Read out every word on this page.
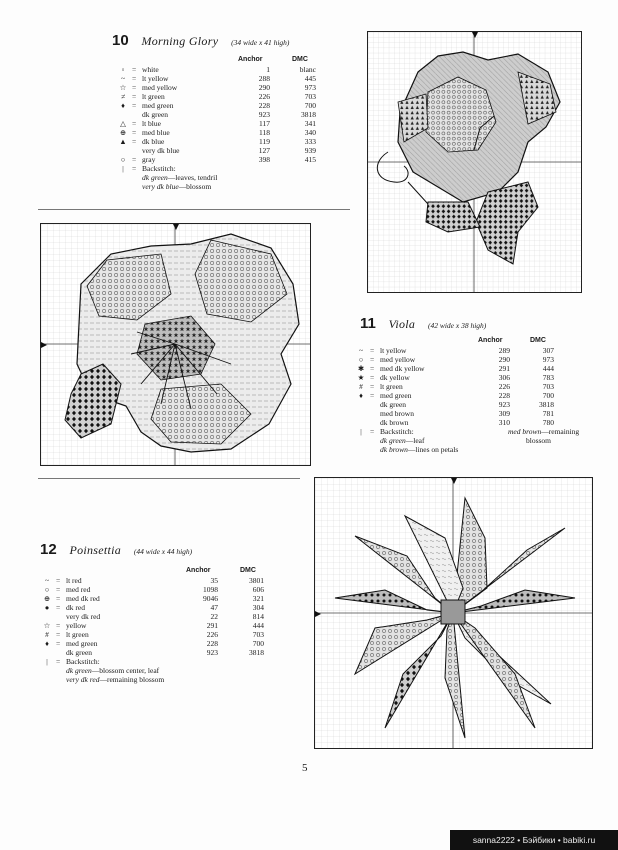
10 Morning Glory (34 wide x 41 high)
Anchor	DMC
▫	= white	1	blanc
~ = lt yellow	288	445
☆ = med yellow	290	973
≠ = lt green	226	703
♦ = med green	228	700
dk green	923	3818
△ = lt blue	117	341
⊕ = med blue	118	340
▲ = dk blue	119	333
very dk blue	127	939
○ = gray	398	415
|	= Backstitch:
dk green—leaves, tendril
very dk blue—blossom
11 Viola (42 wide x 38 high)
Anchor	DMC
~ = lt yellow	289	307
○ = med yellow	290	973
✱ = med dk yellow	291	444
★ = dk yellow	306	783
# = lt green	226	703
♦ = med green	228	700
dk green	923	3818
med brown	309	781
dk brown	310	780
|	= Backstitch:
dk green—leaf
dk brown—lines on petals
med brown—remaining
blossom
12 Poinsettia (44 wide x 44 high)
Anchor	DMC
~ = lt red	35	3801
○ = med red	1098	606
⊕ = med dk red	9046	321
● = dk red	47	304
very dk red	22	814
☆ = yellow	291	444
# = lt green	226	703
♦ = med green	228	700
dk green	923	3818
|	= Backstitch:
dk green—blossom center, leaf
very dk red—remaining blossom
5
sanna2222 • Бэйбики • babiki.ru
